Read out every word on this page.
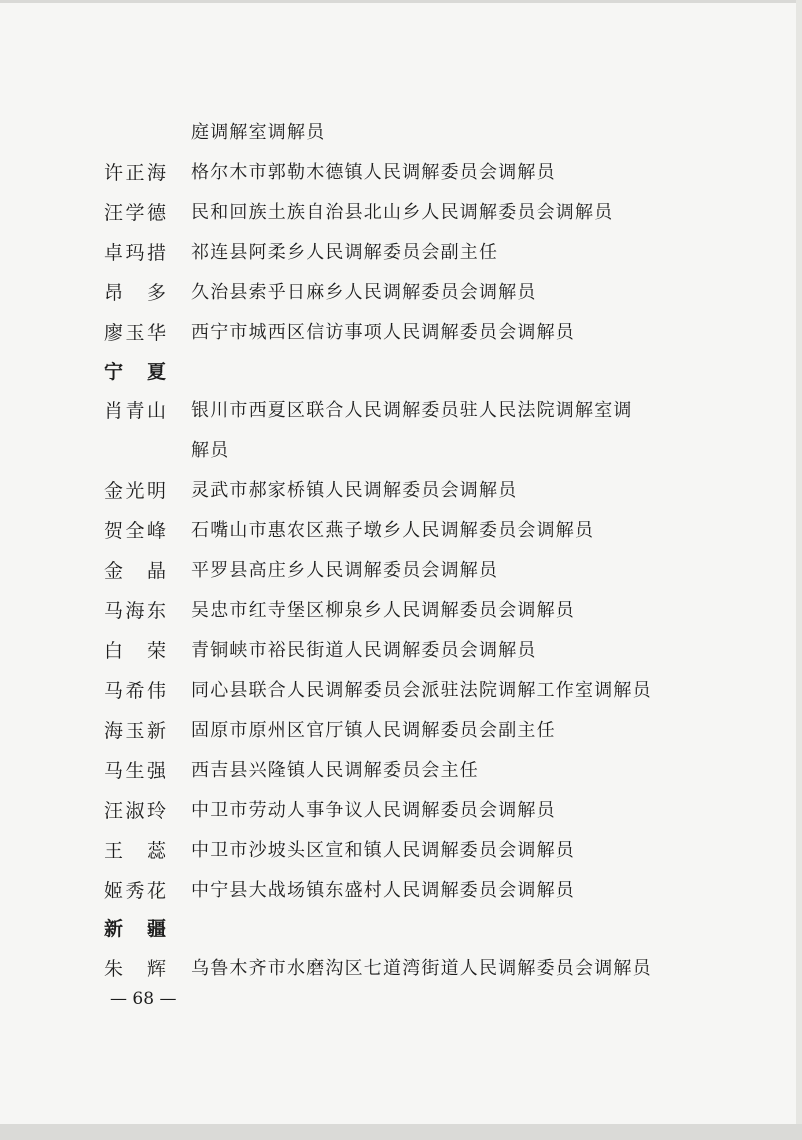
庭调解室调解员
许 正 海 格尔木市郭勒木德镇人民调解委员会调解员
汪 学 德 民和回族土族自治县北山乡人民调解委员会调解员
卓 玛 措 祁连县阿柔乡人民调解委员会副主任
昂 多 久治县索乎日麻乡人民调解委员会调解员
廖 玉 华 西宁市城西区信访事项人民调解委员会调解员
宁 夏
肖 青 山 银川市西夏区联合人民调解委员驻人民法院调解室调
解员
金 光 明 灵武市郝家桥镇人民调解委员会调解员
贺 全 峰 石嘴山市惠农区燕子墩乡人民调解委员会调解员
金 晶 平罗县高庄乡人民调解委员会调解员
马 海 东 吴忠市红寺堡区柳泉乡人民调解委员会调解员
白 荣 青铜峡市裕民街道人民调解委员会调解员
马 希 伟 同心县联合人民调解委员会派驻法院调解工作室调解员
海 玉 新 固原市原州区官厅镇人民调解委员会副主任
马 生 强 西吉县兴隆镇人民调解委员会主任
汪 淑 玲 中卫市劳动人事争议人民调解委员会调解员
王 蕊 中卫市沙坡头区宣和镇人民调解委员会调解员
姬 秀 花 中宁县大战场镇东盛村人民调解委员会调解员
新 疆
朱 辉 乌鲁木齐市水磨沟区七道湾街道人民调解委员会调解员
— 68 —
